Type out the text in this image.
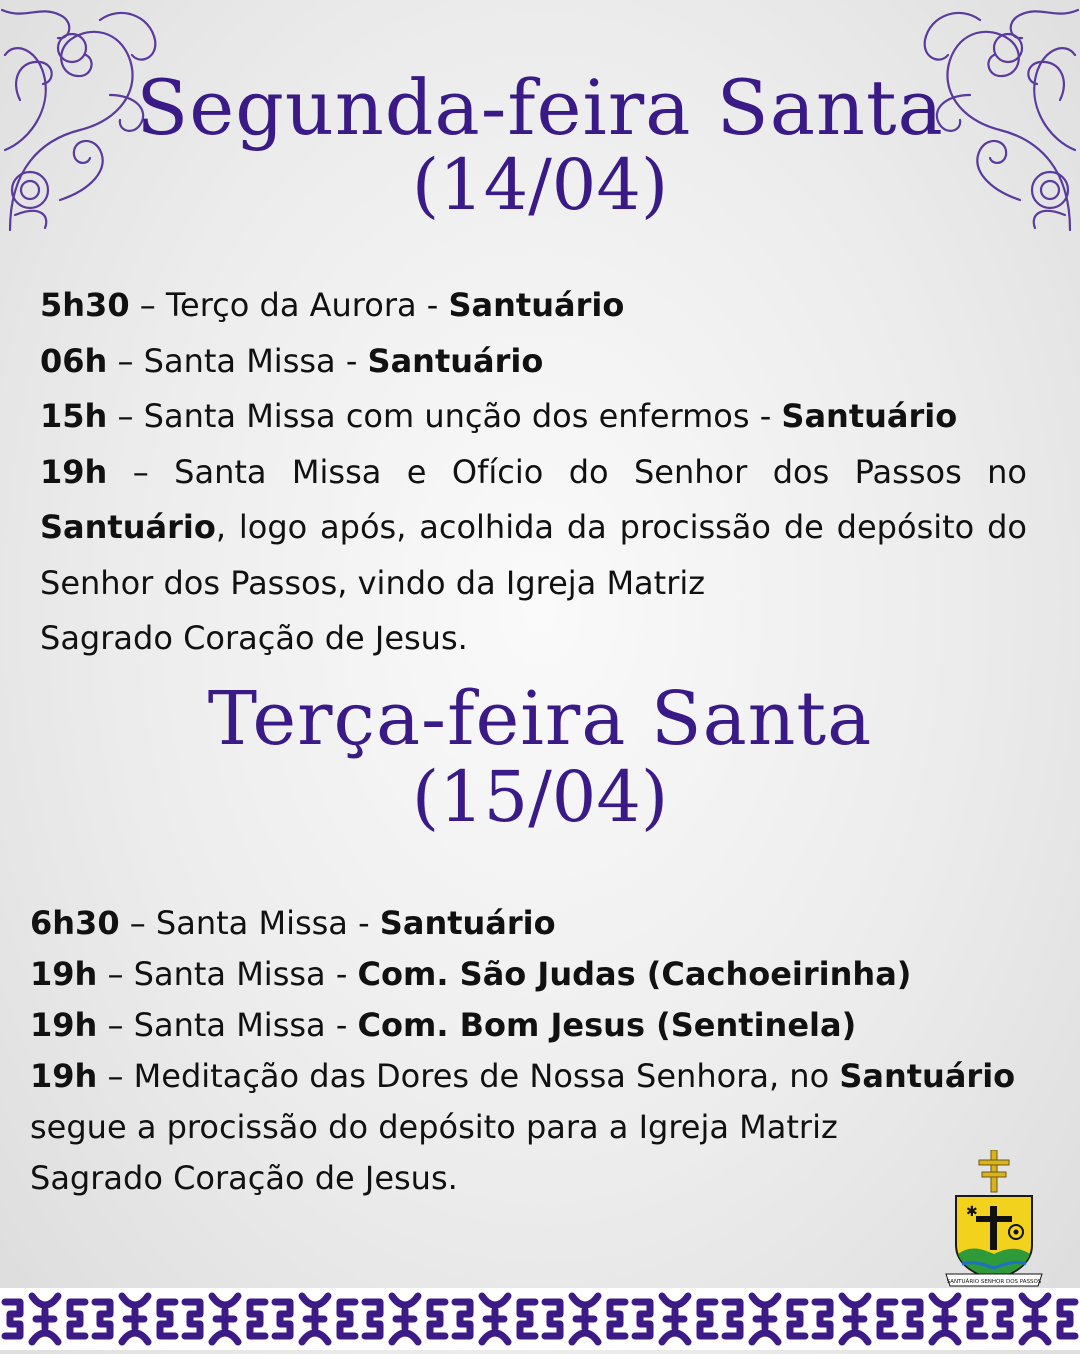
Segunda-feira Santa
(14/04)
5h30 – Terço da Aurora - Santuário
06h – Santa Missa - Santuário
15h – Santa Missa com unção dos enfermos - Santuário
19h – Santa Missa e Ofício do Senhor dos Passos no
Santuário, logo após, acolhida da procissão de depósito do
Senhor dos Passos, vindo da Igreja Matriz
Sagrado Coração de Jesus.
Terça-feira Santa
(15/04)
6h30 – Santa Missa - Santuário
19h – Santa Missa - Com. São Judas (Cachoeirinha)
19h – Santa Missa - Com. Bom Jesus (Sentinela)
19h – Meditação das Dores de Nossa Senhora, no Santuário
segue a procissão do depósito para a Igreja Matriz
Sagrado Coração de Jesus.
✱
SANTUÁRIO SENHOR DOS PASSOS
